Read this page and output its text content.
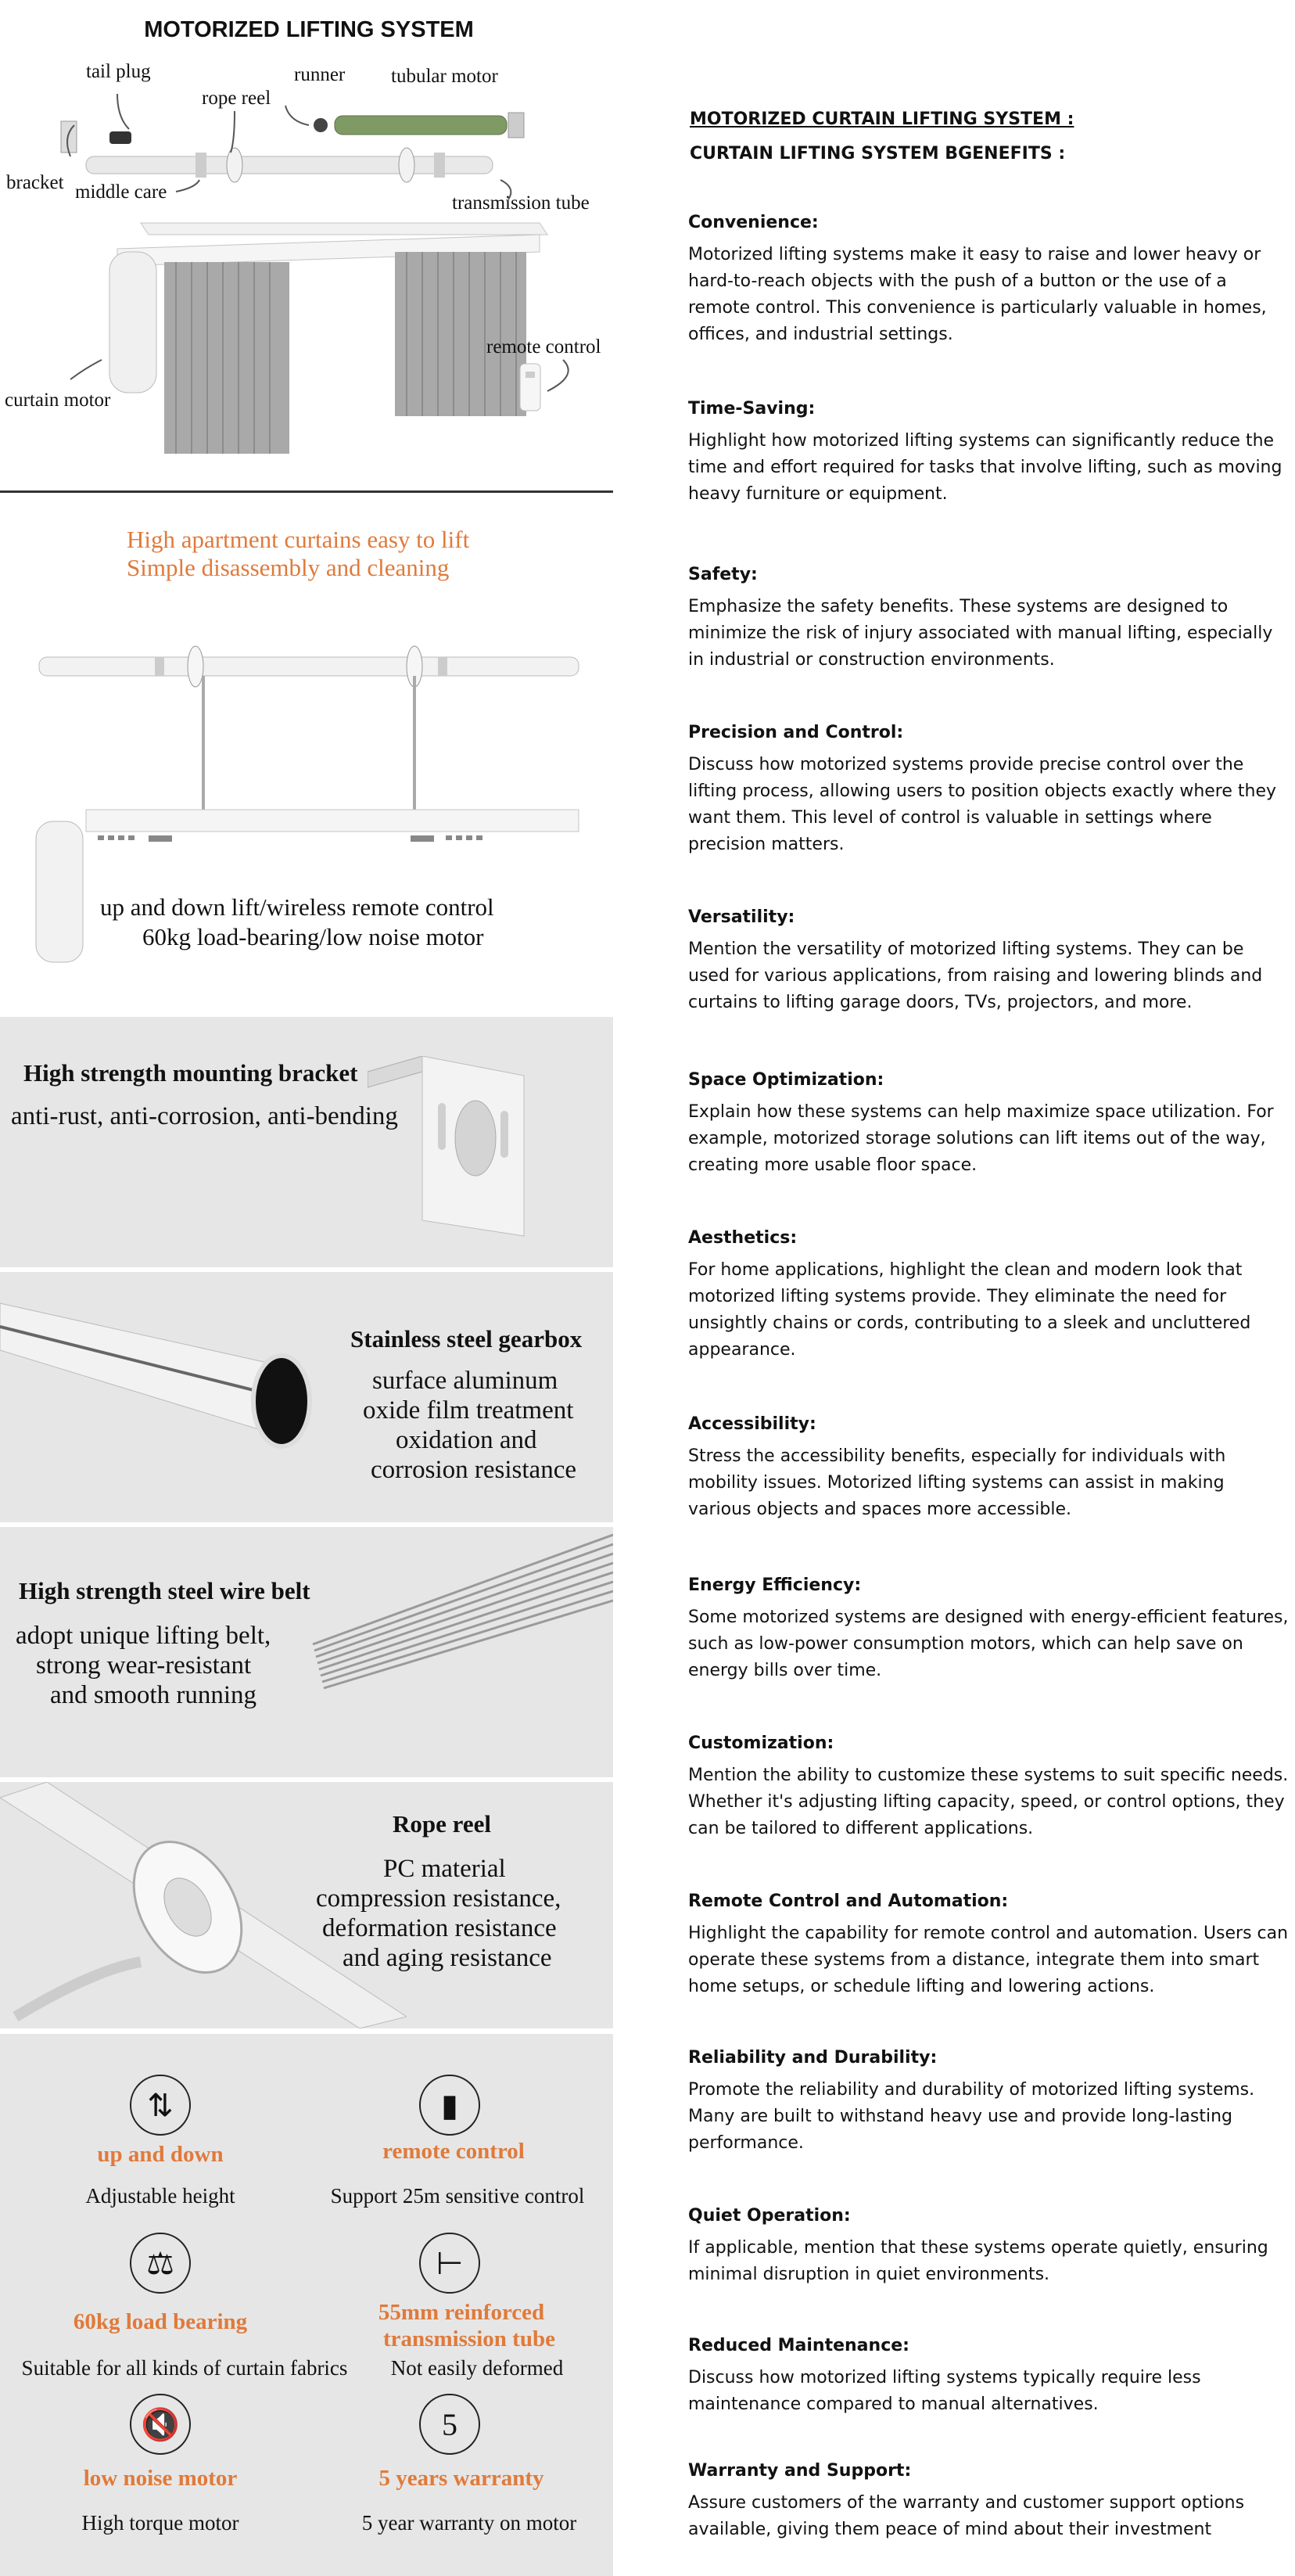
MOTORIZED LIFTING SYSTEM
tail plug	runner tubular motor
rope reel
bracket middle care
transmission tube
remote control
curtain motor
High apartment curtains easy to lift
Simple disassembly and cleaning
up and down lift/wireless remote control
60kg load-bearing/low noise motor
High strength mounting bracket
anti-rust, anti-corrosion, anti-bending
Stainless steel gearbox
surface aluminum
oxide film treatment
oxidation and
corrosion resistance
High strength steel wire belt
adopt unique lifting belt,
strong wear-resistant
and smooth running
Rope reel
PC material
compression resistance,
deformation resistance
and aging resistance
⇅
up and down
Adjustable height
▮
remote control
Support 25m sensitive control
⚖
60kg load bearing
Suitable for all kinds of curtain fabrics
⊢
55mm reinforced
transmission tube
Not easily deformed
🔇
low noise motor
High torque motor
5
5 years warranty
5 year warranty on motor
MOTORIZED CURTAIN LIFTING SYSTEM :
CURTAIN LIFTING SYSTEM BGENEFITS :
Convenience:

Motorized lifting systems make it easy to raise and lower heavy or hard-to-reach objects with the push of a button or the use of a remote control. This convenience is particularly valuable in homes, offices, and industrial settings.

Time-Saving:

Highlight how motorized lifting systems can significantly reduce the time and effort required for tasks that involve lifting, such as moving heavy furniture or equipment.

Safety:

Emphasize the safety benefits. These systems are designed to minimize the risk of injury associated with manual lifting, especially in industrial or construction environments.

Precision and Control:

Discuss how motorized systems provide precise control over the lifting process, allowing users to position objects exactly where they want them. This level of control is valuable in settings where precision matters.

Versatility:

Mention the versatility of motorized lifting systems. They can be used for various applications, from raising and lowering blinds and curtains to lifting garage doors, TVs, projectors, and more.

Space Optimization:

Explain how these systems can help maximize space utilization. For example, motorized storage solutions can lift items out of the way, creating more usable floor space.

Aesthetics:

For home applications, highlight the clean and modern look that motorized lifting systems provide. They eliminate the need for unsightly chains or cords, contributing to a sleek and uncluttered appearance.

Accessibility:

Stress the accessibility benefits, especially for individuals with mobility issues. Motorized lifting systems can assist in making various objects and spaces more accessible.

Energy Efficiency:

Some motorized systems are designed with energy-efficient features, such as low-power consumption motors, which can help save on energy bills over time.

Customization:

Mention the ability to customize these systems to suit specific needs. Whether it's adjusting lifting capacity, speed, or control options, they can be tailored to different applications.

Remote Control and Automation:

Highlight the capability for remote control and automation. Users can operate these systems from a distance, integrate them into smart home setups, or schedule lifting and lowering actions.

Reliability and Durability:

Promote the reliability and durability of motorized lifting systems. Many are built to withstand heavy use and provide long-lasting performance.

Quiet Operation:

If applicable, mention that these systems operate quietly, ensuring minimal disruption in quiet environments.

Reduced Maintenance:

Discuss how motorized lifting systems typically require less maintenance compared to manual alternatives.

Warranty and Support:

Assure customers of the warranty and customer support options available, giving them peace of mind about their investment
